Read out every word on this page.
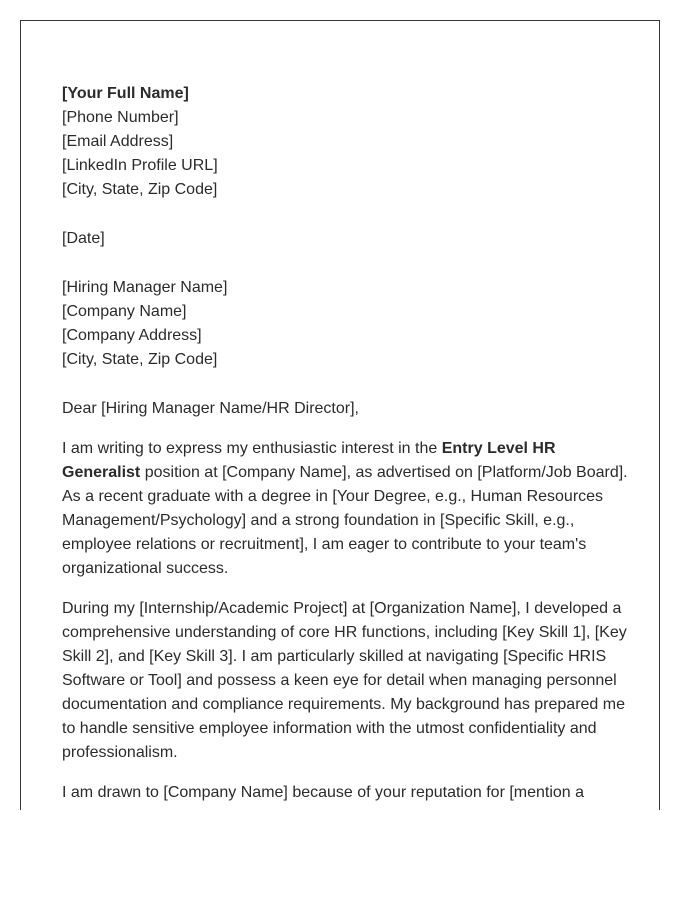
[Your Full Name]
[Phone Number]
[Email Address]
[LinkedIn Profile URL]
[City, State, Zip Code]
[Date]
[Hiring Manager Name]
[Company Name]
[Company Address]
[City, State, Zip Code]
Dear [Hiring Manager Name/HR Director],

I am writing to express my enthusiastic interest in the Entry Level HR Generalist position at [Company Name], as advertised on [Platform/Job Board]. As a recent graduate with a degree in [Your Degree, e.g., Human Resources Management/Psychology] and a strong foundation in [Specific Skill, e.g., employee relations or recruitment], I am eager to contribute to your team's organizational success.

During my [Internship/Academic Project] at [Organization Name], I developed a comprehensive understanding of core HR functions, including [Key Skill 1], [Key Skill 2], and [Key Skill 3]. I am particularly skilled at navigating [Specific HRIS Software or Tool] and possess a keen eye for detail when managing personnel documentation and compliance requirements. My background has prepared me to handle sensitive employee information with the utmost confidentiality and professionalism.

I am drawn to [Company Name] because of your reputation for [mention a
